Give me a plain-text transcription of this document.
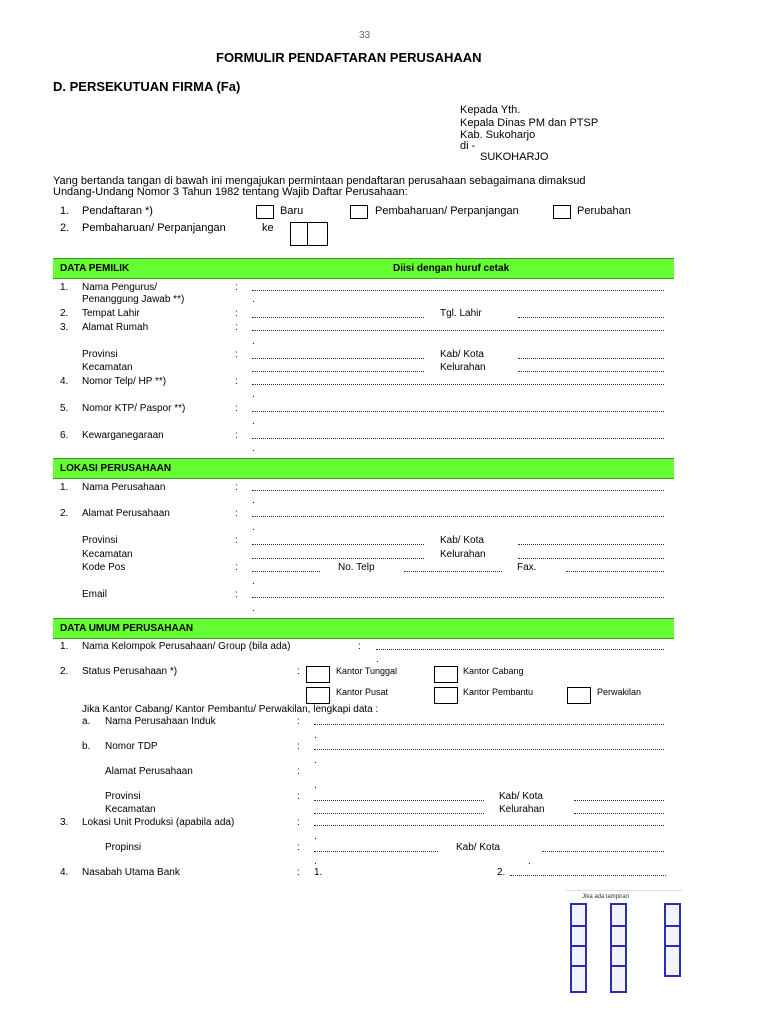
33
FORMULIR PENDAFTARAN PERUSAHAAN
D. PERSEKUTUAN FIRMA (Fa)
Kepada Yth.
Kepala Dinas PM dan PTSP
Kab. Sukoharjo
di -
SUKOHARJO
Yang bertanda tangan di bawah ini mengajukan permintaan pendaftaran perusahaan sebagaimana dimaksud
Undang-Undang Nomor 3 Tahun 1982 tentang Wajib Daftar Perusahaan:
1. Pendaftaran *)	Baru	Pembaharuan/ Perpanjangan	Perubahan
2. Pembaharuan/ Perpanjangan	ke
DATA PEMILIK	Diisi dengan huruf cetak
1. Nama Pengurus/
Penanggung Jawab **)
:
.
2. Tempat Lahir	:	Tgl. Lahir
3. Alamat Rumah	:
.
Provinsi	:	Kab/ Kota
Kecamatan	Kelurahan
4. Nomor Telp/ HP **)	:
.
5. Nomor KTP/ Paspor **)	:
.
6. Kewarganegaraan	:
.
LOKASI PERUSAHAAN
1. Nama Perusahaan	:
.
2. Alamat Perusahaan	:
.
Provinsi	:	Kab/ Kota
Kecamatan	Kelurahan
Kode Pos	:	No. Telp	Fax.
.
Email	:
.
DATA UMUM PERUSAHAAN
1. Nama Kelompok Perusahaan/ Group (bila ada)	:
.
2. Status Perusahaan *)	:	Kantor Tunggal	Kantor Cabang
Kantor Pusat	Kantor Pembantu	Perwakilan
Jika Kantor Cabang/ Kantor Pembantu/ Perwakilan, lengkapi data :
a. Nama Perusahaan Induk	:
.
b. Nomor TDP	:
.
Alamat Perusahaan	:
.
Provinsi	:	Kab/ Kota
Kecamatan	Kelurahan
3. Lokasi Unit Produksi (apabila ada)	:
.
Propinsi	:	Kab/ Kota
.	.
4. Nasabah Utama Bank	: 1.	2.
Jika ada lampiran
